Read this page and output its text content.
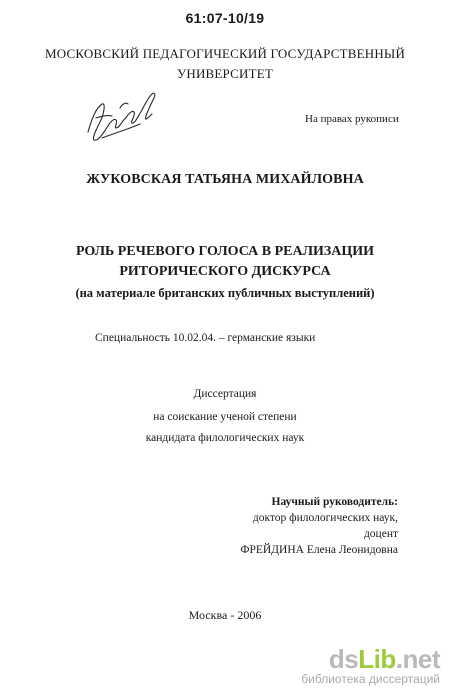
61:07-10/19
МОСКОВСКИЙ ПЕДАГОГИЧЕСКИЙ ГОСУДАРСТВЕННЫЙ
УНИВЕРСИТЕТ
На правах рукописи
ЖУКОВСКАЯ ТАТЬЯНА МИХАЙЛОВНА
РОЛЬ РЕЧЕВОГО ГОЛОСА В РЕАЛИЗАЦИИ
РИТОРИЧЕСКОГО ДИСКУРСА
(на материале британских публичных выступлений)
Специальность 10.02.04. – германские языки
Диссертация
на соискание ученой степени
кандидата филологических наук
Научный руководитель:
доктор филологических наук,
доцент
ФРЕЙДИНА Елена Леонидовна
Москва - 2006
dsLib.net
библиотека диссертаций
